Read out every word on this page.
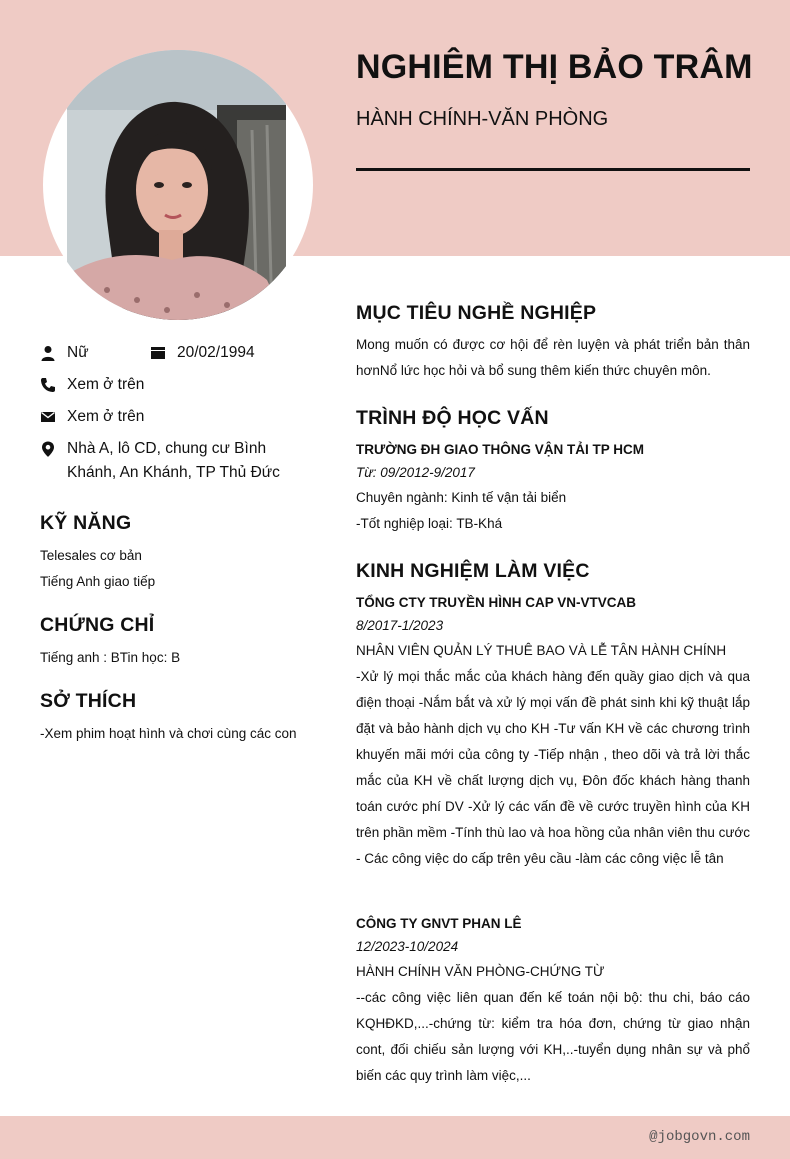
NGHIÊM THỊ BẢO TRÂM
HÀNH CHÍNH-VĂN PHÒNG
Nữ	20/02/1994
Xem ở trên
Xem ở trên
Nhà A, lô CD, chung cư Bình
Khánh, An Khánh, TP Thủ Đức
KỸ NĂNG
Telesales cơ bản
Tiếng Anh giao tiếp
CHỨNG CHỈ
Tiếng anh : BTin học: B
SỞ THÍCH
-Xem phim hoạt hình và chơi cùng các con
MỤC TIÊU NGHỀ NGHIỆP
Mong muốn có được cơ hội để rèn luyện và phát triển bản thân hơnNổ lức học hỏi và bổ sung thêm kiến thức chuyên môn.
TRÌNH ĐỘ HỌC VẤN
TRƯỜNG ĐH GIAO THÔNG VẬN TẢI TP HCM
Từ: 09/2012-9/2017
Chuyên ngành: Kinh tế vận tải biển
-Tốt nghiệp loại: TB-Khá
KINH NGHIỆM LÀM VIỆC
TỔNG CTY TRUYỀN HÌNH CAP VN-VTVCAB
8/2017-1/2023
NHÂN VIÊN QUẢN LÝ THUÊ BAO VÀ LỄ TÂN HÀNH CHÍNH
-Xử lý mọi thắc mắc của khách hàng đến quầy giao dịch và qua điện thoại -Nắm bắt và xử lý mọi vấn đề phát sinh khi kỹ thuật lắp đặt và bảo hành dịch vụ cho KH -Tư vấn KH về các chương trình khuyến mãi mới của công ty -Tiếp nhận , theo dõi và trả lời thắc mắc của KH về chất lượng dịch vụ, Đôn đốc khách hàng thanh toán cước phí DV -Xử lý các vấn đề về cước truyền hình của KH trên phần mềm -Tính thù lao và hoa hồng của nhân viên thu cước - Các công việc do cấp trên yêu cầu -làm các công việc lễ tân
CÔNG TY GNVT PHAN LÊ
12/2023-10/2024
HÀNH CHÍNH VĂN PHÒNG-CHỨNG TỪ
--các công việc liên quan đến kế toán nội bộ: thu chi, báo cáo KQHĐKD,...-chứng từ: kiểm tra hóa đơn, chứng từ giao nhận cont, đối chiếu sản lượng với KH,..-tuyển dụng nhân sự và phổ biến các quy trình làm việc,...
@jobgovn.com
